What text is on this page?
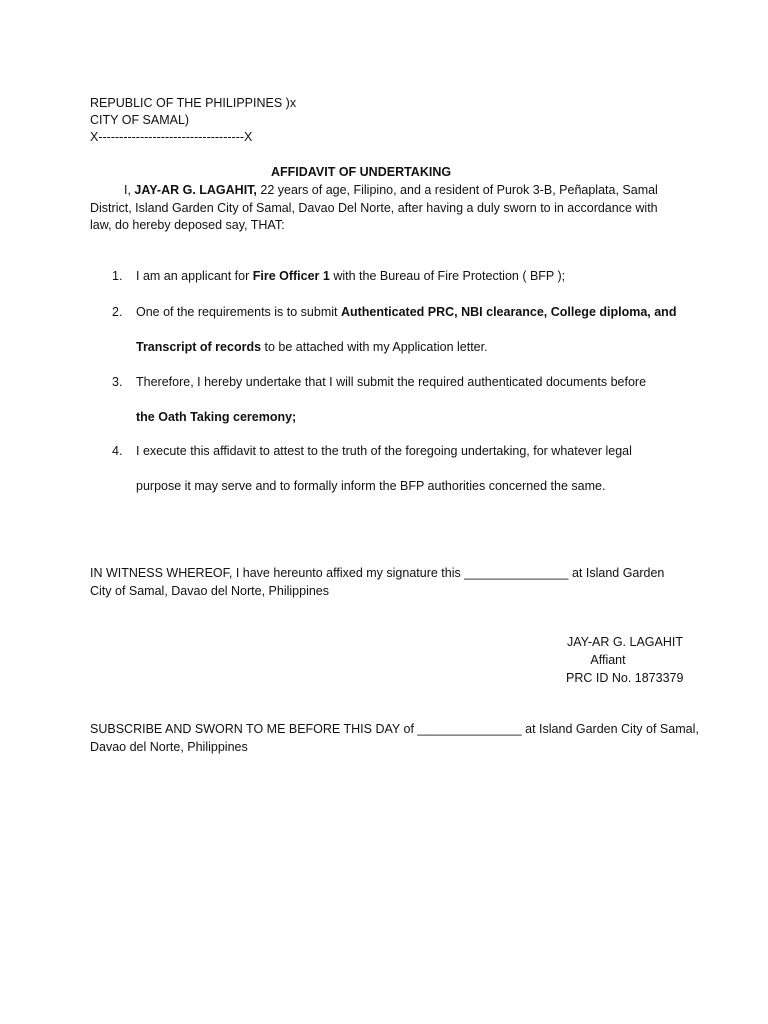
REPUBLIC OF THE PHILIPPINES )x
CITY OF SAMAL)
X-----------------------------------X
AFFIDAVIT OF UNDERTAKING
I, JAY-AR G. LAGAHIT, 22 years of age, Filipino, and a resident of Purok 3-B, Peñaplata, Samal
District, Island Garden City of Samal, Davao Del Norte, after having a duly sworn to in accordance with
law, do hereby deposed say, THAT:
1. I am an applicant for Fire Officer 1 with the Bureau of Fire Protection ( BFP );
2. One of the requirements is to submit Authenticated PRC, NBI clearance, College diploma, and
Transcript of records to be attached with my Application letter.
3. Therefore, I hereby undertake that I will submit the required authenticated documents before
the Oath Taking ceremony;
4. I execute this affidavit to attest to the truth of the foregoing undertaking, for whatever legal
purpose it may serve and to formally inform the BFP authorities concerned the same.
IN WITNESS WHEREOF, I have hereunto affixed my signature this _______________ at Island Garden
City of Samal, Davao del Norte, Philippines
JAY-AR G. LAGAHIT
Affiant
PRC ID No. 1873379
SUBSCRIBE AND SWORN TO ME BEFORE THIS DAY of _______________ at Island Garden City of Samal,
Davao del Norte, Philippines
